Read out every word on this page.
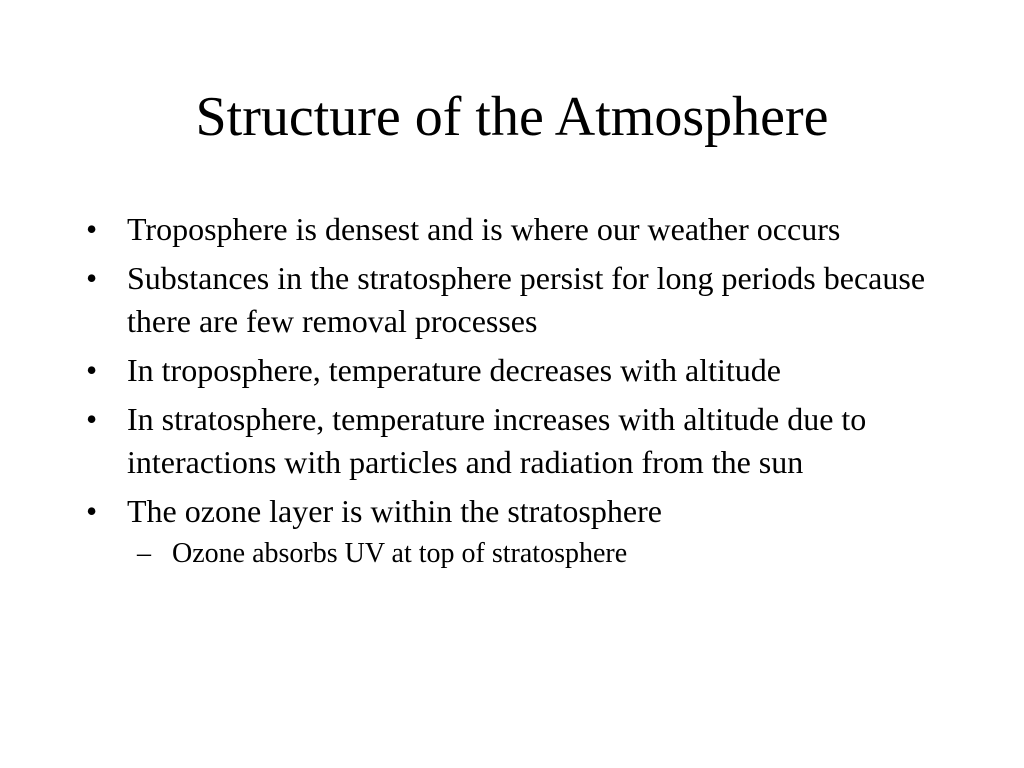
Structure of the Atmosphere
• Troposphere is densest and is where our weather occurs
• Substances in the stratosphere persist for long periods because there are few removal processes
• In troposphere, temperature decreases with altitude
• In stratosphere, temperature increases with altitude due to interactions with particles and radiation from the sun
• The ozone layer is within the stratosphere
– Ozone absorbs UV at top of stratosphere
